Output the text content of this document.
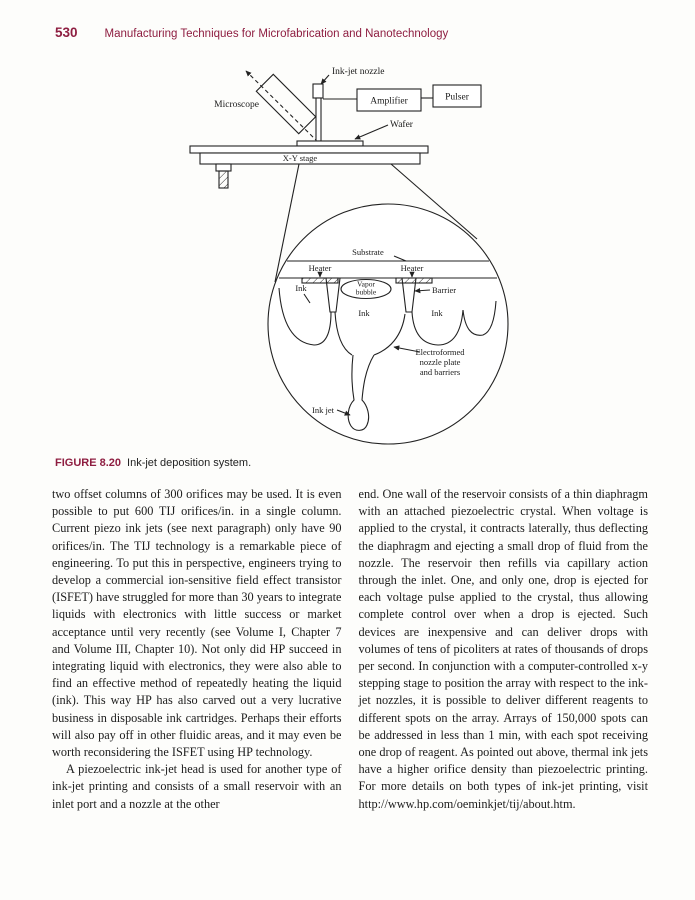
530 Manufacturing Techniques for Microfabrication and Nanotechnology
Ink-jet nozzle
Microscope	Amplifier	Pulser
Wafer
X-Y stage
Substrate
Heater	Heater
Ink	Vapor
bubble	Barrier
Ink	Ink
Electroformed
nozzle plate
and barriers
Ink jet
FIGURE 8.20 Ink-jet deposition system.

two offset columns of 300 orifices may be used. It is even possible to put 600 TIJ orifices/in. in a single column. Current piezo ink jets (see next paragraph) only have 90 orifices/in. The TIJ technology is a remarkable piece of engineering. To put this in perspective, engineers trying to develop a commercial ion-sensitive field effect transistor (ISFET) have struggled for more than 30 years to integrate liquids with electronics with little success or market acceptance until very recently (see Volume I, Chapter 7 and Volume III, Chapter 10). Not only did HP succeed in integrating liquid with electronics, they were also able to find an effective method of repeatedly heating the liquid (ink). This way HP has also carved out a very lucrative business in disposable ink cartridges. Perhaps their efforts will also pay off in other fluidic areas, and it may even be worth reconsidering the ISFET using HP technology.

A piezoelectric ink-jet head is used for another type of ink-jet printing and consists of a small reservoir with an inlet port and a nozzle at the other

end. One wall of the reservoir consists of a thin diaphragm with an attached piezoelectric crystal. When voltage is applied to the crystal, it contracts laterally, thus deflecting the diaphragm and ejecting a small drop of fluid from the nozzle. The reservoir then refills via capillary action through the inlet. One, and only one, drop is ejected for each voltage pulse applied to the crystal, thus allowing complete control over when a drop is ejected. Such devices are inexpensive and can deliver drops with volumes of tens of picoliters at rates of thousands of drops per second. In conjunction with a computer-controlled x-y stepping stage to position the array with respect to the ink-jet nozzles, it is possible to deliver different reagents to different spots on the array. Arrays of 150,000 spots can be addressed in less than 1 min, with each spot receiving one drop of reagent. As pointed out above, thermal ink jets have a higher orifice density than piezoelectric printing. For more details on both types of ink-jet printing, visit http://www.hp.com/oeminkjet/tij/about.htm.
